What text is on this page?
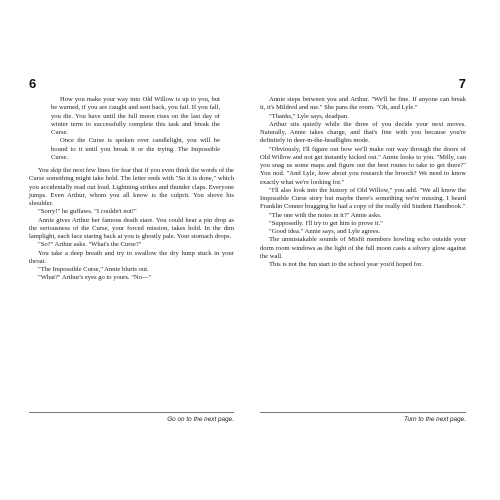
6

How you make your way into Old Willow is up to you, but be warned, if you are caught and sent back, you fail. If you fall, you die. You have until the full moon rises on the last day of winter term to successfully complete this task and break the Curse.

Once the Curse is spoken over candlelight, you will be bound to it until you break it or die trying. The Impossible Curse.

You skip the next few lines for fear that if you even think the words of the Curse something might take hold. The letter ends with "So it is done," which you accidentally read out loud. Lightning strikes and thunder claps. Everyone jumps. Even Arthur, whom you all know is the culprit. You shove his shoulder.

"Sorry!" he guffaws. "I couldn't not!"

Annie gives Arthur her famous death stare. You could hear a pin drop as the seriousness of the Curse, your forced mission, takes hold. In the dim lamplight, each face staring back at you is ghostly pale. Your stomach drops.

"So?" Arthur asks. "What's the Curse?"

You take a deep breath and try to swallow the dry lump stuck in your throat.

"The Impossible Curse," Annie blurts out.

"What?" Arthur's eyes go to yours. "No—"

Go on to the next page.
7

Annie steps between you and Arthur. "We'll be fine. If anyone can break it, it's Mildred and me." She pans the room. "Oh, and Lyle."

"Thanks," Lyle says, deadpan.

Arthur sits quietly while the three of you decide your next moves. Naturally, Annie takes charge, and that's fine with you because you're definitely in deer-in-the-headlights mode.

"Obviously, I'll figure out how we'll make our way through the doors of Old Willow and not get instantly kicked out." Annie looks to you. "Milly, can you snag us some maps and figure out the best routes to take to get there?" You nod. "And Lyle, how about you research the brooch? We need to know exactly what we're looking for."

"I'll also look into the history of Old Willow," you add. "We all know the Impossible Curse story but maybe there's something we're missing. I heard Franklin Conner bragging he had a copy of the really old Student Handbook."

"The one with the notes in it?" Annie asks.

"Supposedly. I'll try to get him to prove it."

"Good idea." Annie says, and Lyle agrees.

The unmistakable sounds of Misfit members howling echo outside your dorm room windows as the light of the full moon casts a silvery glow against the wall.

This is not the fun start to the school year you'd hoped for.

Turn to the next page.
